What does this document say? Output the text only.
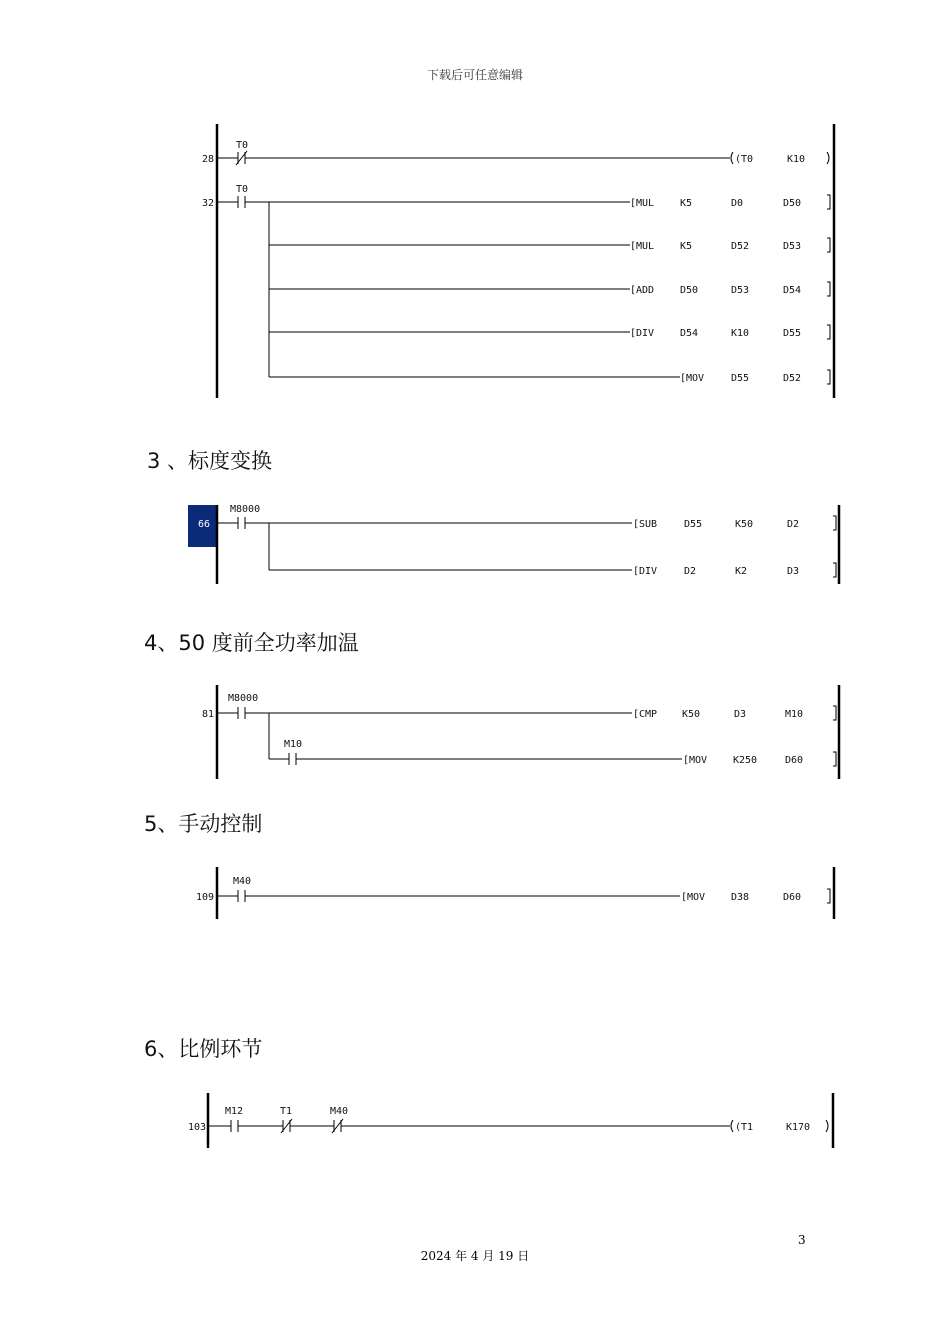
下载后可任意编辑
28
T0
(T0	K10
32
T0
[MUL	K5	D0	D50
[MUL	K5	D52	D53
[ADD	D50	D53	D54
[DIV	D54	K10	D55
[MOV	D55	D52
3 、标度变换
66
M8000
[SUB	D55	K50	D2
[DIV	D2	K2	D3
4、50 度前全功率加温
81
M8000
M10
[CMP K50	D3	M10
[MOV	K250	D60
5、手动控制
109
M40
[MOV	D38	D60
6、比例环节
103
M12	T1	M40
(T1	K170
3
2024 年 4 月 19 日
